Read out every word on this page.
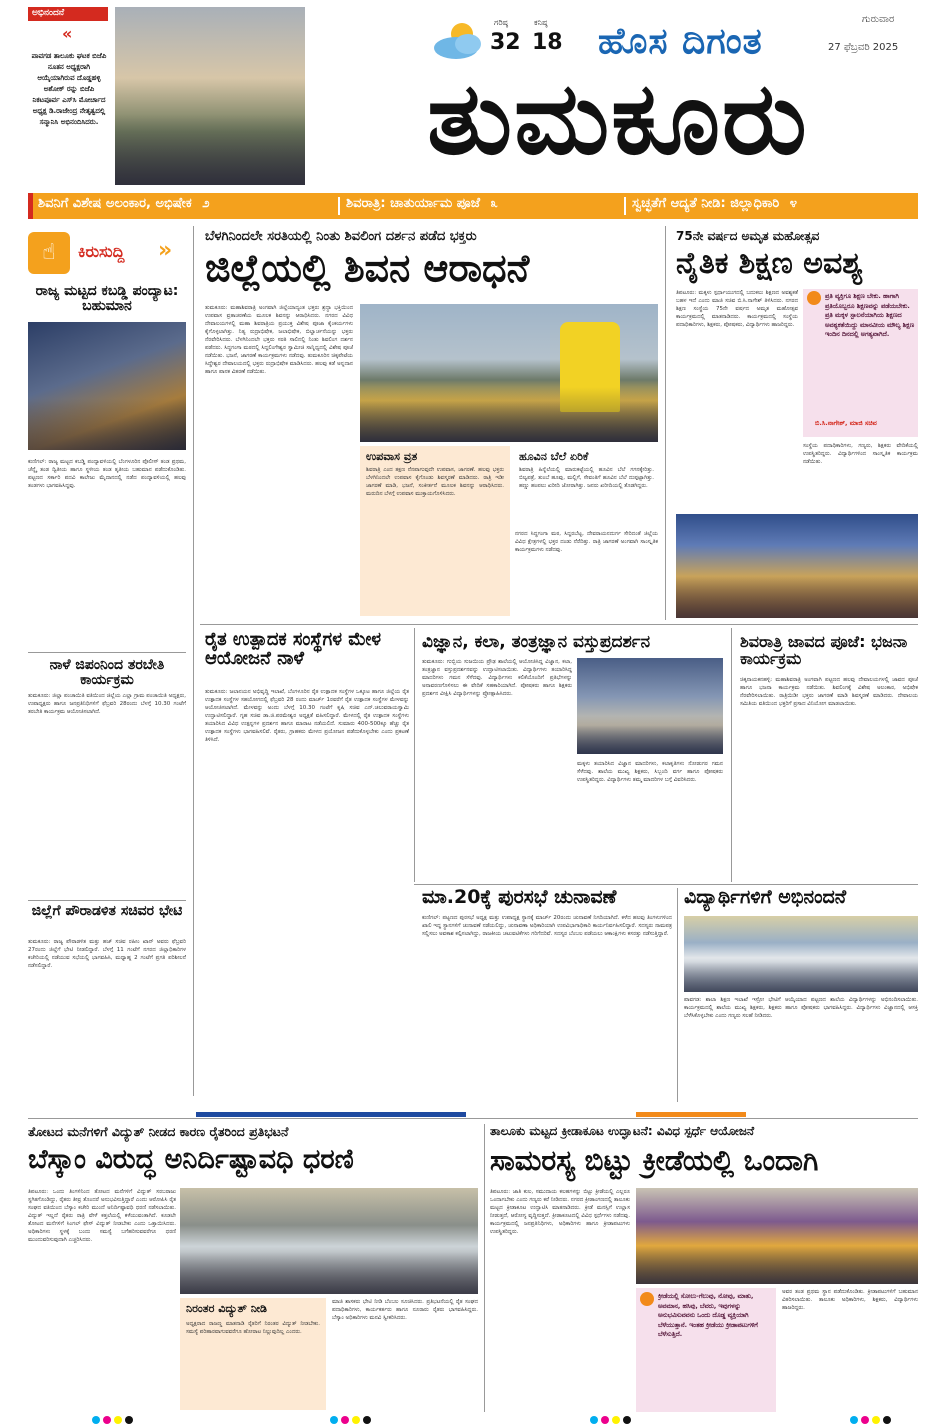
ಅಭಿನಂದನೆ
«
ಪಾವಗಡ ತಾಲೂಕು ಘಟಕ ಬಿಜೆಪಿ ನೂತನ ಅಧ್ಯಕ್ಷರಾಗಿ ಆಯ್ಕೆಯಾಗಿರುವ ದೊಡ್ಡಹಳ್ಳಿ ಅಶೋಕ್ ರನ್ನು ಬಿಜೆಪಿ ನಿಕಟಪೂರ್ವ ಎಸ್‌ಸಿ ಮೋರ್ಚಾದ ಅಧ್ಯಕ್ಷ ಡಿ.ರಾಜೇಂದ್ರ ನೇತೃತ್ವದಲ್ಲಿ ಸನ್ಮಾನಿಸಿ ಅಭಿನಂದಿಸಿದರು.
ಗರಿಷ್ಠ
32
ಕನಿಷ್ಠ
18 ಹೊಸ ದಿಗಂತ
ಗುರುವಾರ
27 ಫೆಬ್ರವರಿ 2025
ತುಮಕೂರು
ಶಿವನಿಗೆ ವಿಶೇಷ ಅಲಂಕಾರ, ಅಭಿಷೇಕ ೨	ಶಿವರಾತ್ರಿ: ಚಾತುರ್ಯಾಮ ಪೂಜೆ ೩	ಸ್ವಚ್ಛತೆಗೆ ಆದ್ಯತೆ ನೀಡಿ: ಜಿಲ್ಲಾಧಿಕಾರಿ ೪
☝	ಕಿರುಸುದ್ದಿ »
ರಾಜ್ಯ ಮಟ್ಟದ ಕಬಡ್ಡಿ ಪಂದ್ಯಾಟ: ಬಹುಮಾನ
ಕುಣಿಗಲ್: ರಾಜ್ಯ ಮಟ್ಟದ ಕಬಡ್ಡಿ ಪಂದ್ಯಾವಳಿಯಲ್ಲಿ ಬೆಂಗಳೂರಿನ ಪೊಲೀಸ್ ತಂಡ ಪ್ರಥಮ, ಚೆನ್ನೈ ತಂಡ ದ್ವಿತೀಯ ಹಾಗೂ ಸ್ಥಳೀಯ ತಂಡ ತೃತೀಯ ಬಹುಮಾನ ಪಡೆದುಕೊಂಡಿತು. ಪಟ್ಟಣದ ಸರ್ಕಾರಿ ಪದವಿ ಕಾಲೇಜು ಮೈದಾನದಲ್ಲಿ ನಡೆದ ಪಂದ್ಯಾವಳಿಯಲ್ಲಿ ಹಲವು ತಂಡಗಳು ಭಾಗವಹಿಸಿದ್ದವು.
ನಾಳೆ ಜಿಪಂನಿಂದ ತರಬೇತಿ ಕಾರ್ಯಕ್ರಮ
ತುಮಕೂರು: ಜಿಲ್ಲಾ ಪಂಚಾಯಿತಿ ವತಿಯಿಂದ ಜಿಲ್ಲೆಯ ಎಲ್ಲಾ ಗ್ರಾಮ ಪಂಚಾಯಿತಿ ಅಧ್ಯಕ್ಷರು, ಉಪಾಧ್ಯಕ್ಷರು ಹಾಗೂ ಜನಪ್ರತಿನಿಧಿಗಳಿಗೆ ಫೆಬ್ರವರಿ 28ರಂದು ಬೆಳಗ್ಗೆ 10.30 ಗಂಟೆಗೆ ತರಬೇತಿ ಕಾರ್ಯಕ್ರಮ ಆಯೋಜಿಸಲಾಗಿದೆ.
ಜಿಲ್ಲೆಗೆ ಪೌರಾಡಳಿತ ಸಚಿವರ ಭೇಟಿ
ತುಮಕೂರು: ರಾಜ್ಯ ಪೌರಾಡಳಿತ ಮತ್ತು ಹಜ್ ಸಚಿವ ರಹೀಂ ಖಾನ್ ಅವರು ಫೆಬ್ರವರಿ 27ರಂದು ಜಿಲ್ಲೆಗೆ ಭೇಟಿ ನೀಡಲಿದ್ದಾರೆ. ಬೆಳಗ್ಗೆ 11 ಗಂಟೆಗೆ ನಗರದ ಜಿಲ್ಲಾಧಿಕಾರಿಗಳ ಕಚೇರಿಯಲ್ಲಿ ನಡೆಯುವ ಸಭೆಯಲ್ಲಿ ಭಾಗವಹಿಸಿ, ಮಧ್ಯಾಹ್ನ 2 ಗಂಟೆಗೆ ಪ್ರಗತಿ ಪರಿಶೀಲನೆ ನಡೆಸಲಿದ್ದಾರೆ.
ಬೆಳಗಿನಿಂದಲೇ ಸರತಿಯಲ್ಲಿ ನಿಂತು ಶಿವಲಿಂಗ ದರ್ಶನ ಪಡೆದ ಭಕ್ತರು
ಜಿಲ್ಲೆಯಲ್ಲಿ ಶಿವನ ಆರಾಧನೆ
ತುಮಕೂರು: ಮಹಾಶಿವರಾತ್ರಿ ಅಂಗವಾಗಿ ಜಿಲ್ಲೆಯಾದ್ಯಂತ ಭಕ್ತರು ಶ್ರದ್ಧಾ ಭಕ್ತಿಯಿಂದ ಉಪವಾಸ ವ್ರತಾಚರಣೆಯ ಮೂಲಕ ಶಿವನನ್ನು ಆರಾಧಿಸಿದರು. ನಗರದ ವಿವಿಧ ದೇವಾಲಯಗಳಲ್ಲಿ ಮಹಾ ಶಿವರಾತ್ರಿಯ ಪ್ರಯುಕ್ತ ವಿಶೇಷ ಪೂಜಾ ಕೈಂಕರ್ಯಗಳು ಕೈಗೊಳ್ಳಲಾಗಿತ್ತು. ನಿತ್ಯ ರುದ್ರಾಭಿಷೇಕ, ಜಲಾಭಿಷೇಕ, ಬಿಲ್ವಾರ್ಚನೆಯನ್ನು ಭಕ್ತರು ನೆರವೇರಿಸಿದರು. ಬೆಳಗಿನಿಂದಲೇ ಭಕ್ತರು ಸರತಿ ಸಾಲಿನಲ್ಲಿ ನಿಂತು ಶಿವಲಿಂಗ ದರ್ಶನ ಪಡೆದರು. ಸಿದ್ಧಗಂಗಾ ಮಠದಲ್ಲಿ ಸಿದ್ದಲಿಂಗೇಶ್ವರ ಸ್ವಾಮೀಜಿ ಸಾನ್ನಿಧ್ಯದಲ್ಲಿ ವಿಶೇಷ ಪೂಜೆ ನಡೆಯಿತು. ಭಜನೆ, ಜಾಗರಣೆ ಕಾರ್ಯಕ್ರಮಗಳು ನಡೆದವು. ತುಮಕೂರಿನ ಚಿಕ್ಕಪೇಟೆಯ ಸಿದ್ಧೇಶ್ವರ ದೇವಾಲಯದಲ್ಲಿ ಭಕ್ತರು ರುದ್ರಾಭಿಷೇಕ ಮಾಡಿಸಿದರು. ಹಲವು ಕಡೆ ಅನ್ನದಾನ ಹಾಗೂ ಪಾನಕ ವಿತರಣೆ ನಡೆಯಿತು.
ಉಪವಾಸ ವ್ರತ
ಶಿವರಾತ್ರಿ ಎಂದ ತಕ್ಷಣ ನೆನಪಾಗುವುದೇ ಉಪವಾಸ, ಜಾಗರಣೆ. ಹಲವು ಭಕ್ತರು ಬೆಳಗಿನಿಂದಲೇ ಉಪವಾಸ ಕೈಗೊಂಡು ಶಿವಸ್ಮರಣೆ ಮಾಡಿದರು. ರಾತ್ರಿ ಇಡೀ ಜಾಗರಣೆ ಮಾಡಿ, ಭಜನೆ, ಸಂಕೀರ್ತನೆ ಮೂಲಕ ಶಿವನನ್ನು ಆರಾಧಿಸಿದರು. ಮರುದಿನ ಬೆಳಗ್ಗೆ ಉಪವಾಸ ಮುಕ್ತಾಯಗೊಳಿಸಿದರು.
ಹೂವಿನ ಬೆಲೆ ಏರಿಕೆ
ಶಿವರಾತ್ರಿ ಹಿನ್ನೆಲೆಯಲ್ಲಿ ಮಾರುಕಟ್ಟೆಯಲ್ಲಿ ಹೂವಿನ ಬೆಲೆ ಗಗನಕ್ಕೇರಿತ್ತು. ಬಿಲ್ವಪತ್ರೆ, ತುಂಬೆ ಹೂವು, ಮಲ್ಲಿಗೆ, ಸೇವಂತಿಗೆ ಹೂವಿನ ಬೆಲೆ ದುಪ್ಪಟ್ಟಾಗಿತ್ತು. ಹಣ್ಣು ಹಂಪಲು ಖರೀದಿ ಜೋರಾಗಿತ್ತು. ಜನರು ಖರೀದಿಯಲ್ಲಿ ತೊಡಗಿದ್ದರು.
ನಗರದ ಸಿದ್ಧಗಂಗಾ ಮಠ, ಸಿದ್ದರಬೆಟ್ಟ, ದೇವರಾಯನದುರ್ಗ ಸೇರಿದಂತೆ ಜಿಲ್ಲೆಯ ವಿವಿಧ ಕ್ಷೇತ್ರಗಳಲ್ಲಿ ಭಕ್ತರ ದಂಡು ನೆರೆದಿತ್ತು. ರಾತ್ರಿ ಜಾಗರಣೆ ಅಂಗವಾಗಿ ಸಾಂಸ್ಕೃತಿಕ ಕಾರ್ಯಕ್ರಮಗಳು ನಡೆದವು.
75ನೇ ವರ್ಷದ ಅಮೃತ ಮಹೋತ್ಸವ
ನೈತಿಕ ಶಿಕ್ಷಣ ಅವಶ್ಯ
ತಿಪಟೂರು: ಮಕ್ಕಳು ಸ್ಪರ್ಧಾಯುಗದಲ್ಲಿ ಬದುಕಲು ಶಿಕ್ಷಣದ ಅವಶ್ಯಕತೆ ಬಹಳ ಇದೆ ಎಂದು ಮಾಜಿ ಸಚಿವ ಬಿ.ಸಿ.ನಾಗೇಶ್ ತಿಳಿಸಿದರು. ನಗರದ ಶಿಕ್ಷಣ ಸಂಸ್ಥೆಯ 75ನೇ ವರ್ಷದ ಅಮೃತ ಮಹೋತ್ಸವ ಕಾರ್ಯಕ್ರಮದಲ್ಲಿ ಮಾತನಾಡಿದರು. ಕಾರ್ಯಕ್ರಮದಲ್ಲಿ ಸಂಸ್ಥೆಯ ಪದಾಧಿಕಾರಿಗಳು, ಶಿಕ್ಷಕರು, ಪೋಷಕರು, ವಿದ್ಯಾರ್ಥಿಗಳು ಹಾಜರಿದ್ದರು.
ಪ್ರತಿ ವ್ಯಕ್ತಿಗೂ ಶಿಕ್ಷಣ ಬೇಕು. ಹಾಗಾಗಿ ಪ್ರತಿಯೊಬ್ಬರೂ ಶಿಕ್ಷಣವನ್ನು ಪಡೆಯಬೇಕು. ಪ್ರತಿ ಮಕ್ಕಳ ಸ್ಪಾಲನೆಯಾಗಿಯ ಶಿಕ್ಷಣದ ಅವಶ್ಯಕತೆಯಿದ್ದು ಮಾನವೀಯ ಮೌಲ್ಯ ಶಿಕ್ಷಣ ಇಂದಿನ ದಿನದಲ್ಲಿ ಅಗತ್ಯವಾಗಿದೆ.
ಬಿ.ಸಿ.ನಾಗೇಶ್, ಮಾಜಿ ಸಚಿವ
ಸಂಸ್ಥೆಯ ಪದಾಧಿಕಾರಿಗಳು, ಗಣ್ಯರು, ಶಿಕ್ಷಕರು ವೇದಿಕೆಯಲ್ಲಿ ಉಪಸ್ಥಿತರಿದ್ದರು. ವಿದ್ಯಾರ್ಥಿಗಳಿಂದ ಸಾಂಸ್ಕೃತಿಕ ಕಾರ್ಯಕ್ರಮ ನಡೆಯಿತು.
ರೈತ ಉತ್ಪಾದಕ ಸಂಸ್ಥೆಗಳ ಮೇಳ ಆಯೋಜನೆ ನಾಳೆ
ತುಮಕೂರು: ಜಲಾನಯನ ಅಭಿವೃದ್ಧಿ ಇಲಾಖೆ, ಬೆಂಗಳೂರಿನ ರೈತ ಉತ್ಪಾದಕ ಸಂಸ್ಥೆಗಳ ಒಕ್ಕೂಟ ಹಾಗೂ ಜಿಲ್ಲೆಯ ರೈತ ಉತ್ಪಾದಕ ಸಂಸ್ಥೆಗಳ ಸಹಯೋಗದಲ್ಲಿ ಫೆಬ್ರವರಿ 28 ರಂದು ಮಾರ್ಚ್ 1ರವರೆಗೆ ರೈತ ಉತ್ಪಾದಕ ಸಂಸ್ಥೆಗಳ ಮೇಳವನ್ನು ಆಯೋಜಿಸಲಾಗಿದೆ. ಮೇಳವನ್ನು ಅಂದು ಬೆಳಗ್ಗೆ 10.30 ಗಂಟೆಗೆ ಕೃಷಿ ಸಚಿವ ಎನ್.ಚಲುವರಾಯಸ್ವಾಮಿ ಉದ್ಘಾಟಿಸಲಿದ್ದಾರೆ. ಗೃಹ ಸಚಿವ ಡಾ.ಜಿ.ಪರಮೇಶ್ವರ ಅಧ್ಯಕ್ಷತೆ ವಹಿಸಲಿದ್ದಾರೆ. ಮೇಳದಲ್ಲಿ ರೈತ ಉತ್ಪಾದಕ ಸಂಸ್ಥೆಗಳು ತಯಾರಿಸಿದ ವಿವಿಧ ಉತ್ಪನ್ನಗಳ ಪ್ರದರ್ಶನ ಹಾಗೂ ಮಾರಾಟ ನಡೆಯಲಿದೆ. ಸುಮಾರು 400-500ಕ್ಕೂ ಹೆಚ್ಚು ರೈತ ಉತ್ಪಾದಕ ಸಂಸ್ಥೆಗಳು ಭಾಗವಹಿಸಲಿವೆ. ರೈತರು, ಗ್ರಾಹಕರು ಮೇಳದ ಪ್ರಯೋಜನ ಪಡೆದುಕೊಳ್ಳಬೇಕು ಎಂದು ಪ್ರಕಟಣೆ ತಿಳಿಸಿದೆ.
ವಿಜ್ಞಾನ, ಕಲಾ, ತಂತ್ರಜ್ಞಾನ ವಸ್ತುಪ್ರದರ್ಶನ
ತುಮಕೂರು: ಗುಬ್ಬಿಯ ಸುಜಯಿಯ ಪ್ರೌಢ ಶಾಲೆಯಲ್ಲಿ ಆಯೋಜಿಸಿದ್ದ ವಿಜ್ಞಾನ, ಕಲಾ, ತಂತ್ರಜ್ಞಾನ ವಸ್ತುಪ್ರದರ್ಶನವನ್ನು ಉದ್ಘಾಟಿಸಲಾಯಿತು. ವಿದ್ಯಾರ್ಥಿಗಳು ತಯಾರಿಸಿದ್ದ ಮಾದರಿಗಳು ಗಮನ ಸೆಳೆದವು. ವಿದ್ಯಾರ್ಥಿಗಳು ಕಲಿಕೆಯೊಂದಿಗೆ ಪ್ರತಿಭೆಗಳನ್ನು ಅನಾವರಣಗೊಳಿಸಲು ಈ ವೇದಿಕೆ ಸಹಕಾರಿಯಾಗಿದೆ. ಪೋಷಕರು ಹಾಗೂ ಶಿಕ್ಷಕರು ಪ್ರದರ್ಶನ ವೀಕ್ಷಿಸಿ ವಿದ್ಯಾರ್ಥಿಗಳನ್ನು ಪ್ರೋತ್ಸಾಹಿಸಿದರು.
ಮಕ್ಕಳು ತಯಾರಿಸಿದ ವಿಜ್ಞಾನ ಮಾದರಿಗಳು, ಕಲಾಕೃತಿಗಳು ನೋಡುಗರ ಗಮನ ಸೆಳೆದವು. ಶಾಲೆಯ ಮುಖ್ಯ ಶಿಕ್ಷಕರು, ಸಿಬ್ಬಂದಿ ವರ್ಗ ಹಾಗೂ ಪೋಷಕರು ಉಪಸ್ಥಿತರಿದ್ದರು. ವಿದ್ಯಾರ್ಥಿಗಳು ತಮ್ಮ ಮಾದರಿಗಳ ಬಗ್ಗೆ ವಿವರಿಸಿದರು.
ಶಿವರಾತ್ರಿ ಜಾವದ ಪೂಜೆ: ಭಜನಾ ಕಾರ್ಯಕ್ರಮ
ಚಿಕ್ಕನಾಯಕನಹಳ್ಳಿ: ಮಹಾಶಿವರಾತ್ರಿ ಅಂಗವಾಗಿ ಪಟ್ಟಣದ ಹಲವು ದೇವಾಲಯಗಳಲ್ಲಿ ಜಾವದ ಪೂಜೆ ಹಾಗೂ ಭಜನಾ ಕಾರ್ಯಕ್ರಮ ನಡೆಯಿತು. ಶಿವಲಿಂಗಕ್ಕೆ ವಿಶೇಷ ಅಲಂಕಾರ, ಅಭಿಷೇಕ ನೆರವೇರಿಸಲಾಯಿತು. ರಾತ್ರಿಯಿಡೀ ಭಕ್ತರು ಜಾಗರಣೆ ಮಾಡಿ ಶಿವಸ್ಮರಣೆ ಮಾಡಿದರು. ದೇವಾಲಯ ಸಮಿತಿಯ ವತಿಯಿಂದ ಭಕ್ತರಿಗೆ ಪ್ರಸಾದ ವಿನಿಯೋಗ ಮಾಡಲಾಯಿತು.
ಮಾ.20ಕ್ಕೆ ಪುರಸಭೆ ಚುನಾವಣೆ
ಕುಣಿಗಲ್: ಪಟ್ಟಣದ ಪುರಸಭೆ ಅಧ್ಯಕ್ಷ ಮತ್ತು ಉಪಾಧ್ಯಕ್ಷ ಸ್ಥಾನಕ್ಕೆ ಮಾರ್ಚ್ 20ರಂದು ಚುನಾವಣೆ ನಿಗದಿಯಾಗಿದೆ. ಕಳೆದ ಹಲವು ತಿಂಗಳುಗಳಿಂದ ಖಾಲಿ ಇದ್ದ ಸ್ಥಾನಗಳಿಗೆ ಚುನಾವಣೆ ನಡೆಯಲಿದ್ದು, ಚುನಾವಣಾ ಅಧಿಕಾರಿಯಾಗಿ ಉಪವಿಭಾಗಾಧಿಕಾರಿ ಕಾರ್ಯನಿರ್ವಹಿಸಲಿದ್ದಾರೆ. ಸದಸ್ಯರು ನಾಮಪತ್ರ ಸಲ್ಲಿಸಲು ಅವಕಾಶ ಕಲ್ಪಿಸಲಾಗಿದ್ದು, ರಾಜಕೀಯ ಚಟುವಟಿಕೆಗಳು ಗರಿಗೆದರಿವೆ. ಸದಸ್ಯರ ಬೆಂಬಲ ಪಡೆಯಲು ಆಕಾಂಕ್ಷಿಗಳು ಕಸರತ್ತು ನಡೆಸುತ್ತಿದ್ದಾರೆ.
ವಿದ್ಯಾರ್ಥಿಗಳಿಗೆ ಅಭಿನಂದನೆ
ಪಾವಗಡ: ಶಾಲಾ ಶಿಕ್ಷಣ ಇಲಾಖೆ ಇಸ್ರೋ ಭೇಟಿಗೆ ಆಯ್ಕೆಯಾದ ಪಟ್ಟಣದ ಶಾಲೆಯ ವಿದ್ಯಾರ್ಥಿಗಳನ್ನು ಅಭಿನಂದಿಸಲಾಯಿತು. ಕಾರ್ಯಕ್ರಮದಲ್ಲಿ ಶಾಲೆಯ ಮುಖ್ಯ ಶಿಕ್ಷಕರು, ಶಿಕ್ಷಕರು ಹಾಗೂ ಪೋಷಕರು ಭಾಗವಹಿಸಿದ್ದರು. ವಿದ್ಯಾರ್ಥಿಗಳು ವಿಜ್ಞಾನದಲ್ಲಿ ಆಸಕ್ತಿ ಬೆಳೆಸಿಕೊಳ್ಳಬೇಕು ಎಂದು ಗಣ್ಯರು ಸಲಹೆ ನೀಡಿದರು.
ತೋಟದ ಮನೆಗಳಿಗೆ ವಿದ್ಯುತ್ ನೀಡದ ಕಾರಣ ರೈತರಿಂದ ಪ್ರತಿಭಟನೆ
ಬೆಸ್ಕಾಂ ವಿರುದ್ಧ ಅನಿರ್ದಿಷ್ಟಾವಧಿ ಧರಣಿ
ತಿಪಟೂರು: ಒಂದು ತಿಂಗಳಿನಿಂದ ತೋಟದ ಮನೆಗಳಿಗೆ ವಿದ್ಯುತ್ ಸರಬರಾಜು ಸ್ಥಗಿತಗೊಂಡಿದ್ದು, ರೈತರು ತೀವ್ರ ತೊಂದರೆ ಅನುಭವಿಸುತ್ತಿದ್ದಾರೆ ಎಂದು ಆರೋಪಿಸಿ ರೈತ ಸಂಘದ ವತಿಯಿಂದ ಬೆಸ್ಕಾಂ ಕಚೇರಿ ಮುಂದೆ ಅನಿರ್ದಿಷ್ಟಾವಧಿ ಧರಣಿ ನಡೆಸಲಾಯಿತು. ವಿದ್ಯುತ್ ಇಲ್ಲದೆ ರೈತರು ರಾತ್ರಿ ವೇಳೆ ಕತ್ತಲೆಯಲ್ಲಿ ಕಳೆಯುವಂತಾಗಿದೆ. ಕೂಡಲೇ ತೋಟದ ಮನೆಗಳಿಗೆ ಸಿಂಗಲ್ ಫೇಸ್ ವಿದ್ಯುತ್ ನೀಡಬೇಕು ಎಂದು ಒತ್ತಾಯಿಸಿದರು. ಅಧಿಕಾರಿಗಳು ಸ್ಥಳಕ್ಕೆ ಬಂದು ಸಮಸ್ಯೆ ಬಗೆಹರಿಸುವವರೆಗೂ ಧರಣಿ ಮುಂದುವರಿಸುವುದಾಗಿ ಎಚ್ಚರಿಸಿದರು.
ನಿರಂತರ ವಿದ್ಯುತ್ ನೀಡಿ
ಅಧ್ಯಕ್ಷರಾದ ರಾಜಣ್ಣ ಮಾತನಾಡಿ ರೈತರಿಗೆ ನಿರಂತರ ವಿದ್ಯುತ್ ನೀಡಬೇಕು. ಸಮಸ್ಯೆ ಪರಿಹಾರವಾಗುವವರೆಗೂ ಹೋರಾಟ ನಿಲ್ಲುವುದಿಲ್ಲ ಎಂದರು.
ಮಾಜಿ ಶಾಸಕರು ಭೇಟಿ ನೀಡಿ ಬೆಂಬಲ ಸೂಚಿಸಿದರು. ಪ್ರತಿಭಟನೆಯಲ್ಲಿ ರೈತ ಸಂಘದ ಪದಾಧಿಕಾರಿಗಳು, ಕಾರ್ಯಕರ್ತರು ಹಾಗೂ ನೂರಾರು ರೈತರು ಭಾಗವಹಿಸಿದ್ದರು. ಬೆಸ್ಕಾಂ ಅಧಿಕಾರಿಗಳು ಮನವಿ ಸ್ವೀಕರಿಸಿದರು.
ತಾಲೂಕು ಮಟ್ಟದ ಕ್ರೀಡಾಕೂಟ ಉದ್ಘಾಟನೆ: ವಿವಿಧ ಸ್ಪರ್ಧೆ ಆಯೋಜನೆ
ಸಾಮರಸ್ಯ ಬಿಟ್ಟು ಕ್ರೀಡೆಯಲ್ಲಿ ಒಂದಾಗಿ
ತಿಪಟೂರು: ಜಾತಿ ಕುಲ, ಸಮುದಾಯ ಕಲಹಗಳನ್ನು ಬಿಟ್ಟು ಕ್ರೀಡೆಯಲ್ಲಿ ಎಲ್ಲರೂ ಒಂದಾಗಬೇಕು ಎಂದು ಗಣ್ಯರು ಕರೆ ನೀಡಿದರು. ನಗರದ ಕ್ರೀಡಾಂಗಣದಲ್ಲಿ ತಾಲೂಕು ಮಟ್ಟದ ಕ್ರೀಡಾಕೂಟ ಉದ್ಘಾಟಿಸಿ ಮಾತನಾಡಿದರು. ಕ್ರೀಡೆ ಮನಸ್ಸಿಗೆ ಉಲ್ಲಾಸ ನೀಡುತ್ತದೆ, ಆರೋಗ್ಯ ವೃದ್ಧಿಸುತ್ತದೆ. ಕ್ರೀಡಾಕೂಟದಲ್ಲಿ ವಿವಿಧ ಸ್ಪರ್ಧೆಗಳು ನಡೆದವು. ಕಾರ್ಯಕ್ರಮದಲ್ಲಿ ಜನಪ್ರತಿನಿಧಿಗಳು, ಅಧಿಕಾರಿಗಳು ಹಾಗೂ ಕ್ರೀಡಾಪಟುಗಳು ಉಪಸ್ಥಿತರಿದ್ದರು.
ಕ್ರೀಡೆಯಲ್ಲಿ ಸೋಲು-ಗೆಲುವು, ನೋವು, ಮಾತು, ಅವಮಾನ, ಹಸಿವು, ಬೆವರು, ಇವುಗಳನ್ನು ಅನುಭವಿಸುವವನು ಒಂದು ದೊಡ್ಡ ವ್ಯಕ್ತಿಯಾಗಿ ಬೆಳೆಯುತ್ತಾನೆ. ಇಂತಹ ಕ್ರೀಡೆಯು ಕ್ರೀಡಾಪಟುಗಳಿಗೆ ಬೆಳೆಸುತ್ತಿದೆ.
ಅವರ ತಂಡ ಪ್ರಥಮ ಸ್ಥಾನ ಪಡೆದುಕೊಂಡಿತು. ಕ್ರೀಡಾಪಟುಗಳಿಗೆ ಬಹುಮಾನ ವಿತರಿಸಲಾಯಿತು. ತಾಲೂಕು ಅಧಿಕಾರಿಗಳು, ಶಿಕ್ಷಕರು, ವಿದ್ಯಾರ್ಥಿಗಳು ಹಾಜರಿದ್ದರು.
